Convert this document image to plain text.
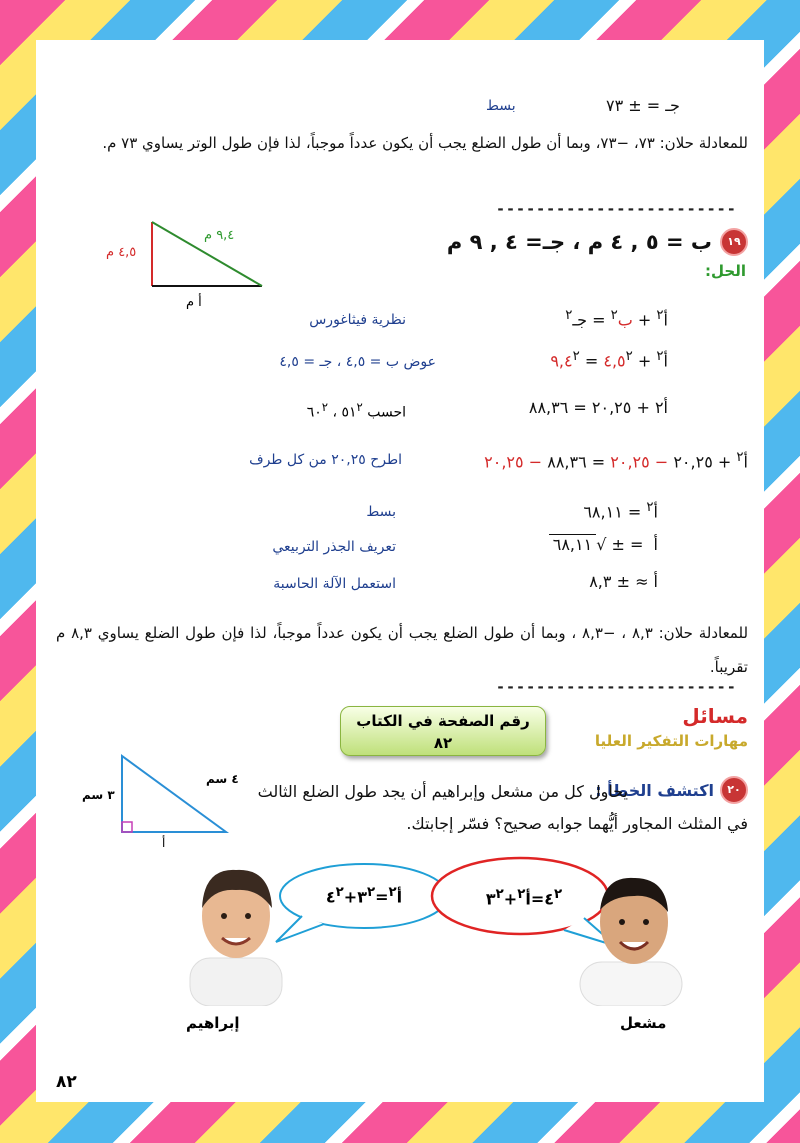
جـ = ± ٧٣
بسط
للمعادلة حلان: ٧٣، −٧٣، وبما أن طول الضلع يجب أن يكون عدداً موجباً، لذا فإن طول الوتر يساوي ٧٣ م.
------------------------
١٩
ب = ٥ , ٤ م ، جـ= ٤ , ٩ م
الحل:
٤,٥ م
٩,٤ م
أ م
أ$^٢$ + ب$^٢$ = جـ$^٢$
نظرية فيثاغورس
أ$^٢$ + $٤,٥^٢$ = $٩,٤^٢$
عوض ب = ٤,٥ ، جـ = ٤,٥
أ٢ + ٢٠,٢٥ = ٨٨,٣٦
احسب $٥١^٢$ ، $٦٠^٢$
أ$^٢$ + ٢٠,٢٥ − ٢٠,٢٥ = ٨٨,٣٦ − ٢٠,٢٥
اطرح ٢٠,٢٥ من كل طرف
أ$^٢$ = ٦٨,١١
بسط
أ  = ± √٦٨,١١
تعريف الجذر التربيعي
أ ≈ ± ٨,٣
استعمل الآلة الحاسبة
للمعادلة حلان: ٨,٣ ، −٨,٣ ، وبما أن طول الضلع يجب أن يكون عدداً موجباً، لذا فإن طول الضلع يساوي ٨,٣ م تقريباً.
------------------------
مسائل
مهارات التفكير العليا
رقم الصفحة في الكتاب
٨٢
٢٠
اكتشف الخطأ :
يحاول كل من مشعل وإبراهيم أن يجد طول الضلع الثالث في المثلث المجاور أيُّهما جوابه صحيح؟ فسّر إجابتك.
٤ سم
٣ سم
أ
$أ^٢=٣^٢+٤^٢$	$٤^٢=أ^٢+٣^٢$
إبراهيم	مشعل
٨٢
